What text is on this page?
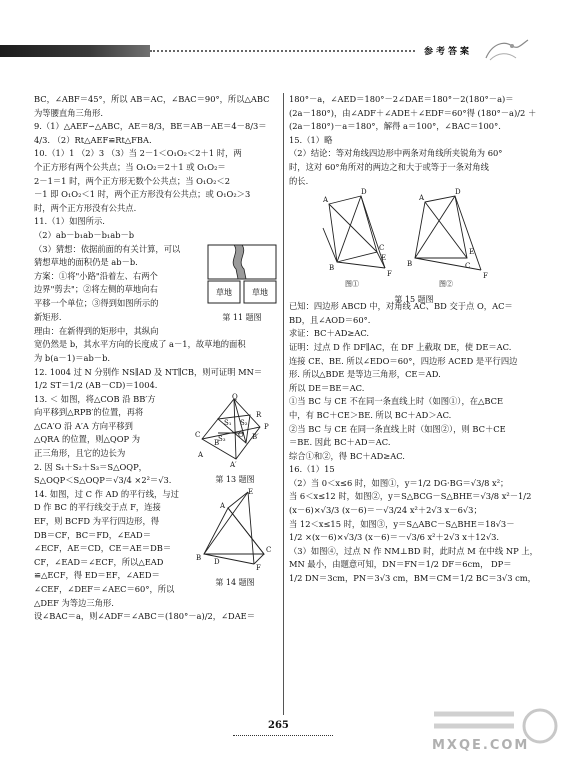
参考答案
BC，∠ABF＝45°，所以 AB＝AC，∠BAC＝90°，所以△ABC
为等腰直角三角形.
9.（1）△AEF∽△ABC，AE＝8/3，BE＝AB－AE＝4－8/3＝
4/3. （2）Rt△AEF≌Rt△FBA.
10.（1）1 （2）3 （3）当 2－1＜O₁O₂＜2＋1 时，两
个正方形有两个公共点；当 O₁O₂＝2＋1 或 O₁O₂＝
2－1＝1 时，两个正方形无数个公共点；当 O₁O₂＜2
－1 即 O₁O₂＜1 时，两个正方形没有公共点；或 O₁O₂＞3
时，两个正方形没有公共点.
11.（1）如图所示.
（2）ab－b₁ab－b₁ab－b
（3）猜想：依据前面的有关计算，可以
猜想草地的面积仍是 ab－b.
方案：①将"小路"沿着左、右两个
边界"剪去"；②将左侧的草地向右
平移一个单位；③得到如图所示的
新矩形.
草地	草地
第 11 题图
理由：在新得到的矩形中，其纵向
宽仍然是 b，其水平方向的长度成了 a－1，故草地的面积
为 b(a－1)＝ab－b.
12. 1004 过 N 分别作 NS∥AD 及 NT∥CB，则可证明 MN＝
1/2 ST＝1/2 (AB－CD)＝1004.
13. ＜ 如图，将△COB 沿 BB′方
向平移到△RPB′的位置，再将
△CA′O 沿 A′A 方向平移到
△QRA 的位置，则△QOP 为
正三角形，且它的边长为
2. 因 S₁＋S₂＋S₃＝S△OQP，
S△OQP＜S△OQP＝√3/4 ×2²＝√3.
Q
R
P
C
A
B
B′
O
A′
S₁ S₂
S₃
第 13 题图
14. 如图，过 C 作 AD 的平行线，与过
D 作 BC 的平行线交于点 F，连接
EF，则 BCFD 为平行四边形，得
DB＝CF，BC＝FD，∠EAD＝
∠ECF，AE＝CD，CE＝AE＝DB＝
CF，∠EAD＝∠ECF，所以△EAD
≌△ECF，得 ED＝EF，∠AED＝
∠CEF，∠DEF＝∠AEC＝60°，所以
△DEF 为等边三角形.
E
A
C
B D
F
第 14 题图
设∠BAC＝a，则∠ADF＝∠ABC＝(180°－a)/2，∠DAE＝
180°－a，∠AED＝180°－2∠DAE＝180°－2(180°－a)＝
(2a－180°)，由∠ADF＋∠ADE＋∠EDF＝60°得 (180°－a)/2 ＋
(2a－180°)－a＝180°，解得 a＝100°，∠BAC＝100°.
15.（1）略
（2）结论：等对角线四边形中两条对角线所夹锐角为 60°
时，这对 60°角所对的两边之和大于或等于一条对角线
的长.
A
D
B
C
E
F
A
D
B	C
E
F
图①	图②
第 15 题图
已知：四边形 ABCD 中，对角线 AC、BD 交于点 O，AC＝
BD，且∠AOD＝60°.
求证：BC＋AD≥AC.
证明：过点 D 作 DF∥AC，在 DF 上截取 DE，使 DE＝AC.
连接 CE、BE. 所以∠EDO＝60°，四边形 ACED 是平行四边
形. 所以△BDE 是等边三角形，CE＝AD.
所以 DE＝BE＝AC.
①当 BC 与 CE 不在同一条直线上时（如图①），在△BCE
中，有 BC＋CE＞BE. 所以 BC＋AD＞AC.
②当 BC 与 CE 在同一条直线上时（如图②），则 BC＋CE
＝BE. 因此 BC＋AD＝AC.
综合①和②，得 BC＋AD≥AC.
16.（1）15
（2）当 0＜x≤6 时，如图①，y＝1/2 DG·BG＝√3/8 x²；
当 6＜x≤12 时，如图②，y＝S△BCG－S△BHE＝√3/8 x²－1/2
(x－6)×√3/3 (x－6)＝－√3/24 x²＋2√3 x－6√3；
当 12＜x≤15 时，如图③，y＝S△ABC－S△BHE＝18√3－
1/2 ×(x－6)×√3/3 (x－6)＝－√3/6 x²＋2√3 x＋12√3.
（3）如图④，过点 N 作 NM⊥BD 时，此时点 M 在中线 NP 上，
MN 最小，由题意可知，DN＝FN＝1/2 DF＝6cm， DP＝
1/2 DN＝3cm，PN＝3√3 cm，BM＝CM＝1/2 BC＝3√3 cm，
265
MXQE.COM
